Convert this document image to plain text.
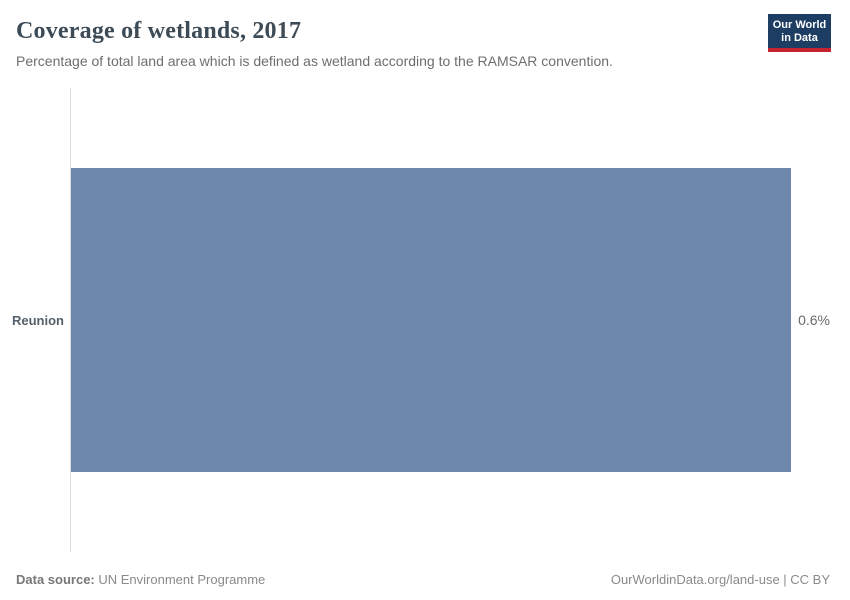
Coverage of wetlands, 2017

Percentage of total land area which is defined as wetland according to the RAMSAR convention.

Our World
in Data
Reunion	0.6%
Data source: UN Environment Programme	OurWorldinData.org/land-use | CC BY
